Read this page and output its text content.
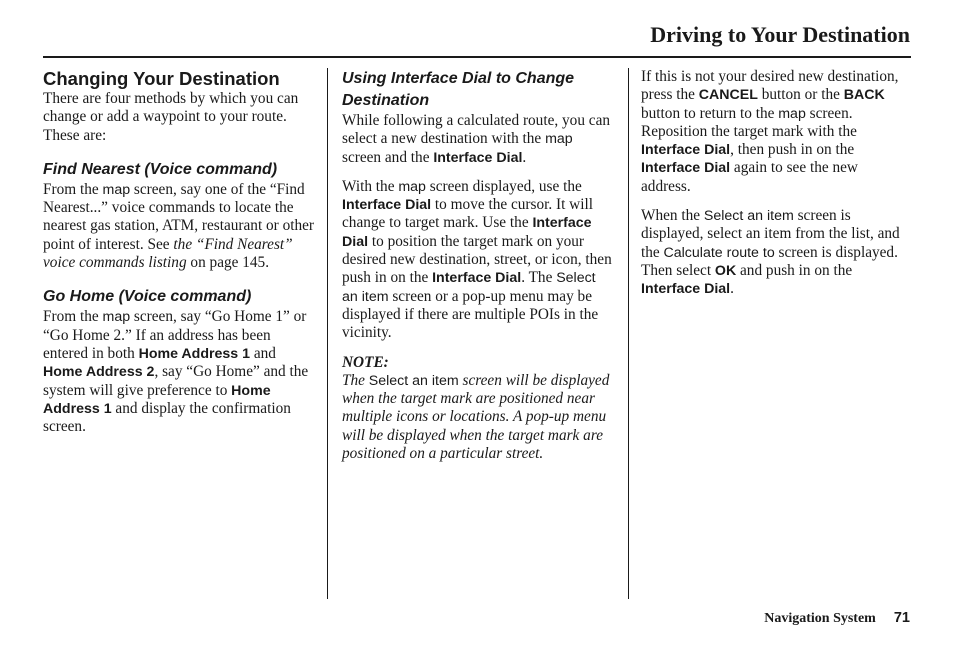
Driving to Your Destination
Changing Your Destination

There are four methods by which you can change or add a waypoint to your route. These are:

Find Nearest (Voice command)

From the map screen, say one of the “Find Nearest...” voice commands to locate the nearest gas station, ATM, restaurant or other point of interest. See the “Find Nearest” voice commands listing on page 145.

Go Home (Voice command)

From the map screen, say “Go Home 1” or “Go Home 2.” If an address has been entered in both Home Address 1 and Home Address 2, say “Go Home” and the system will give preference to Home Address 1 and display the confirmation screen.

Using Interface Dial to Change Destination

While following a calculated route, you can select a new destination with the map screen and the Interface Dial.

With the map screen displayed, use the Interface Dial to move the cursor. It will change to target mark. Use the Interface Dial to position the target mark on your desired new destination, street, or icon, then push in on the Interface Dial. The Select an item screen or a pop-up menu may be displayed if there are multiple POIs in the vicinity.

NOTE:

The Select an item screen will be displayed when the target mark are positioned near multiple icons or locations. A pop-up menu will be displayed when the target mark are positioned on a particular street.

If this is not your desired new destination, press the CANCEL button or the BACK button to return to the map screen. Reposition the target mark with the Interface Dial, then push in on the Interface Dial again to see the new address.

When the Select an item screen is displayed, select an item from the list, and the Calculate route to screen is displayed. Then select OK and push in on the Interface Dial.

Navigation System 71
